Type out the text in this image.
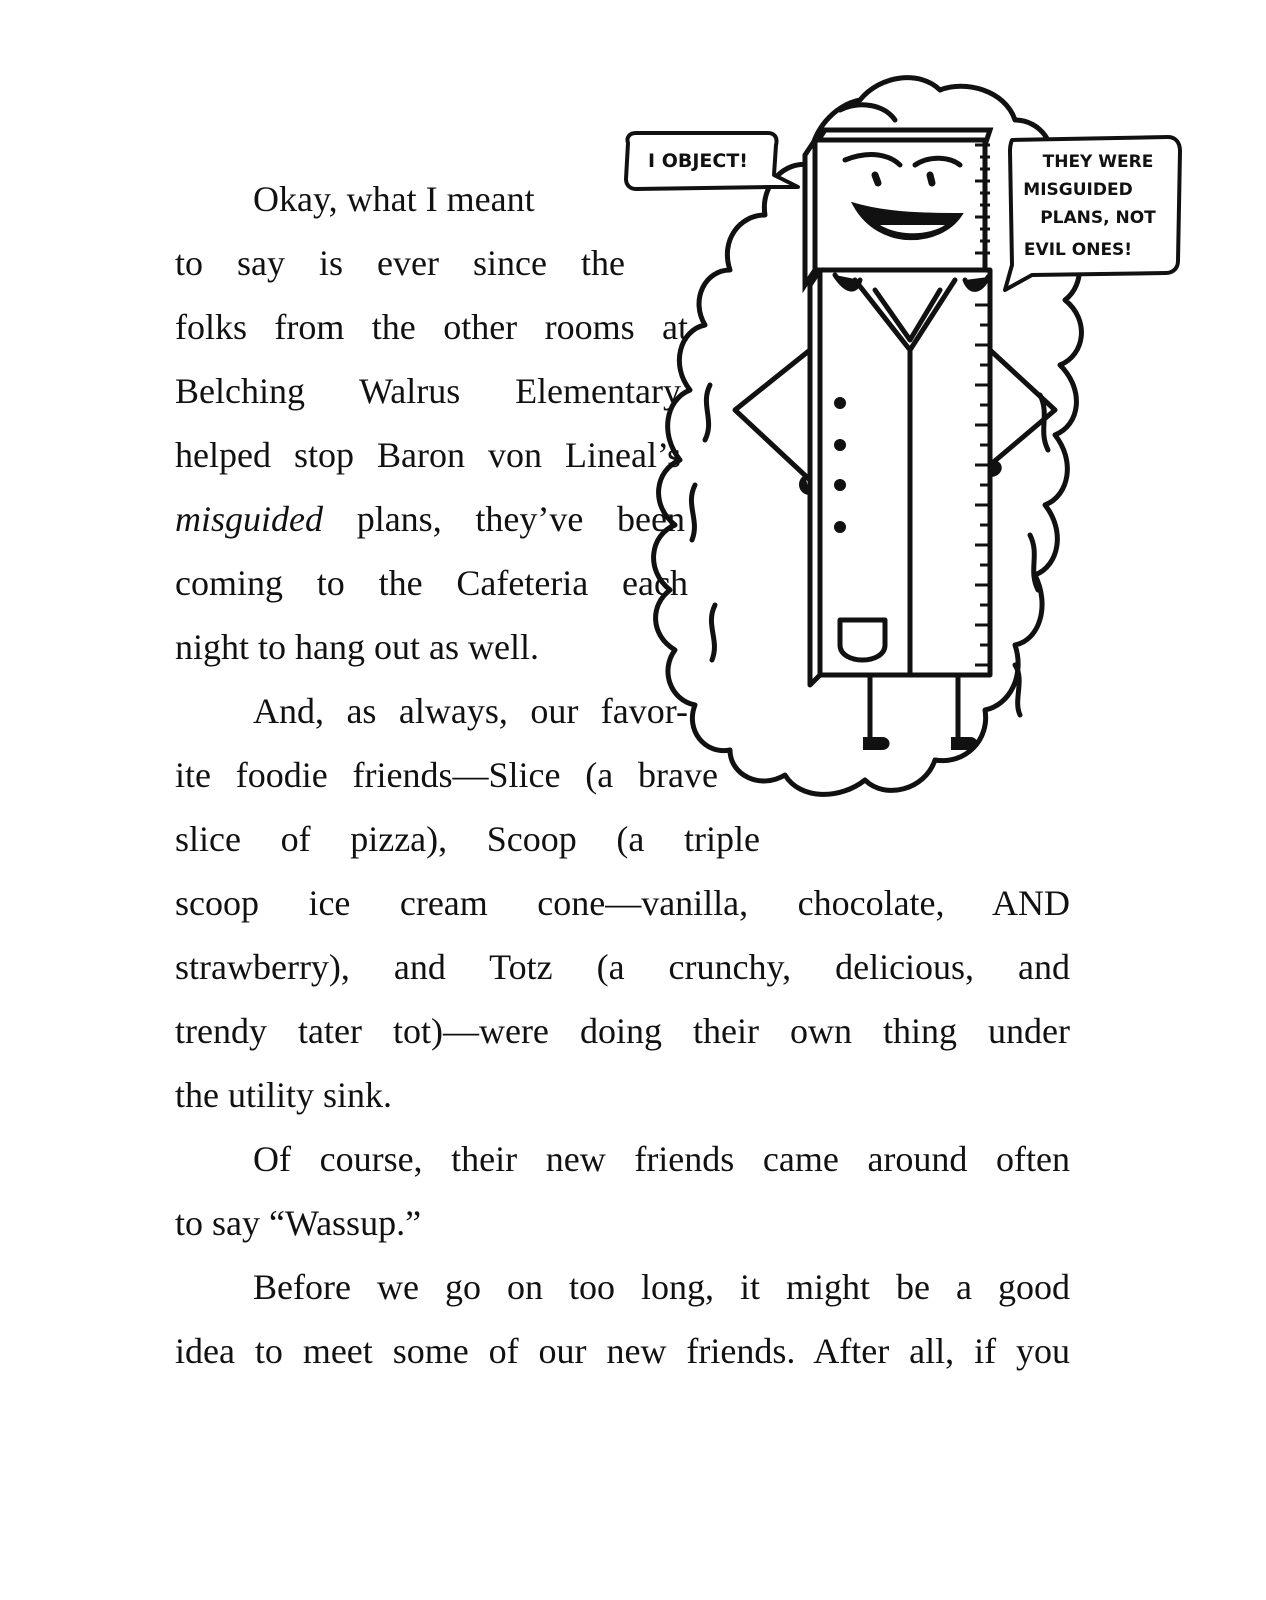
Okay, what I meant
to say is ever since the
folks from the other rooms at
Belching Walrus Elementary
helped stop Baron von Lineal’s
misguided plans, they’ve been
coming to the Cafeteria each
night to hang out as well.
And, as always, our favor-
ite foodie friends—Slice (a brave
slice of pizza), Scoop (a triple
scoop ice cream cone—vanilla, chocolate, AND
strawberry), and Totz (a crunchy, delicious, and
trendy tater tot)—were doing their own thing under
the utility sink.
Of course, their new friends came around often
to say “Wassup.”
Before we go on too long, it might be a good
idea to meet some of our new friends. After all, if you
I OBJECT!	THEY WERE
MISGUIDED
PLANS, NOT
EVIL ONES!
